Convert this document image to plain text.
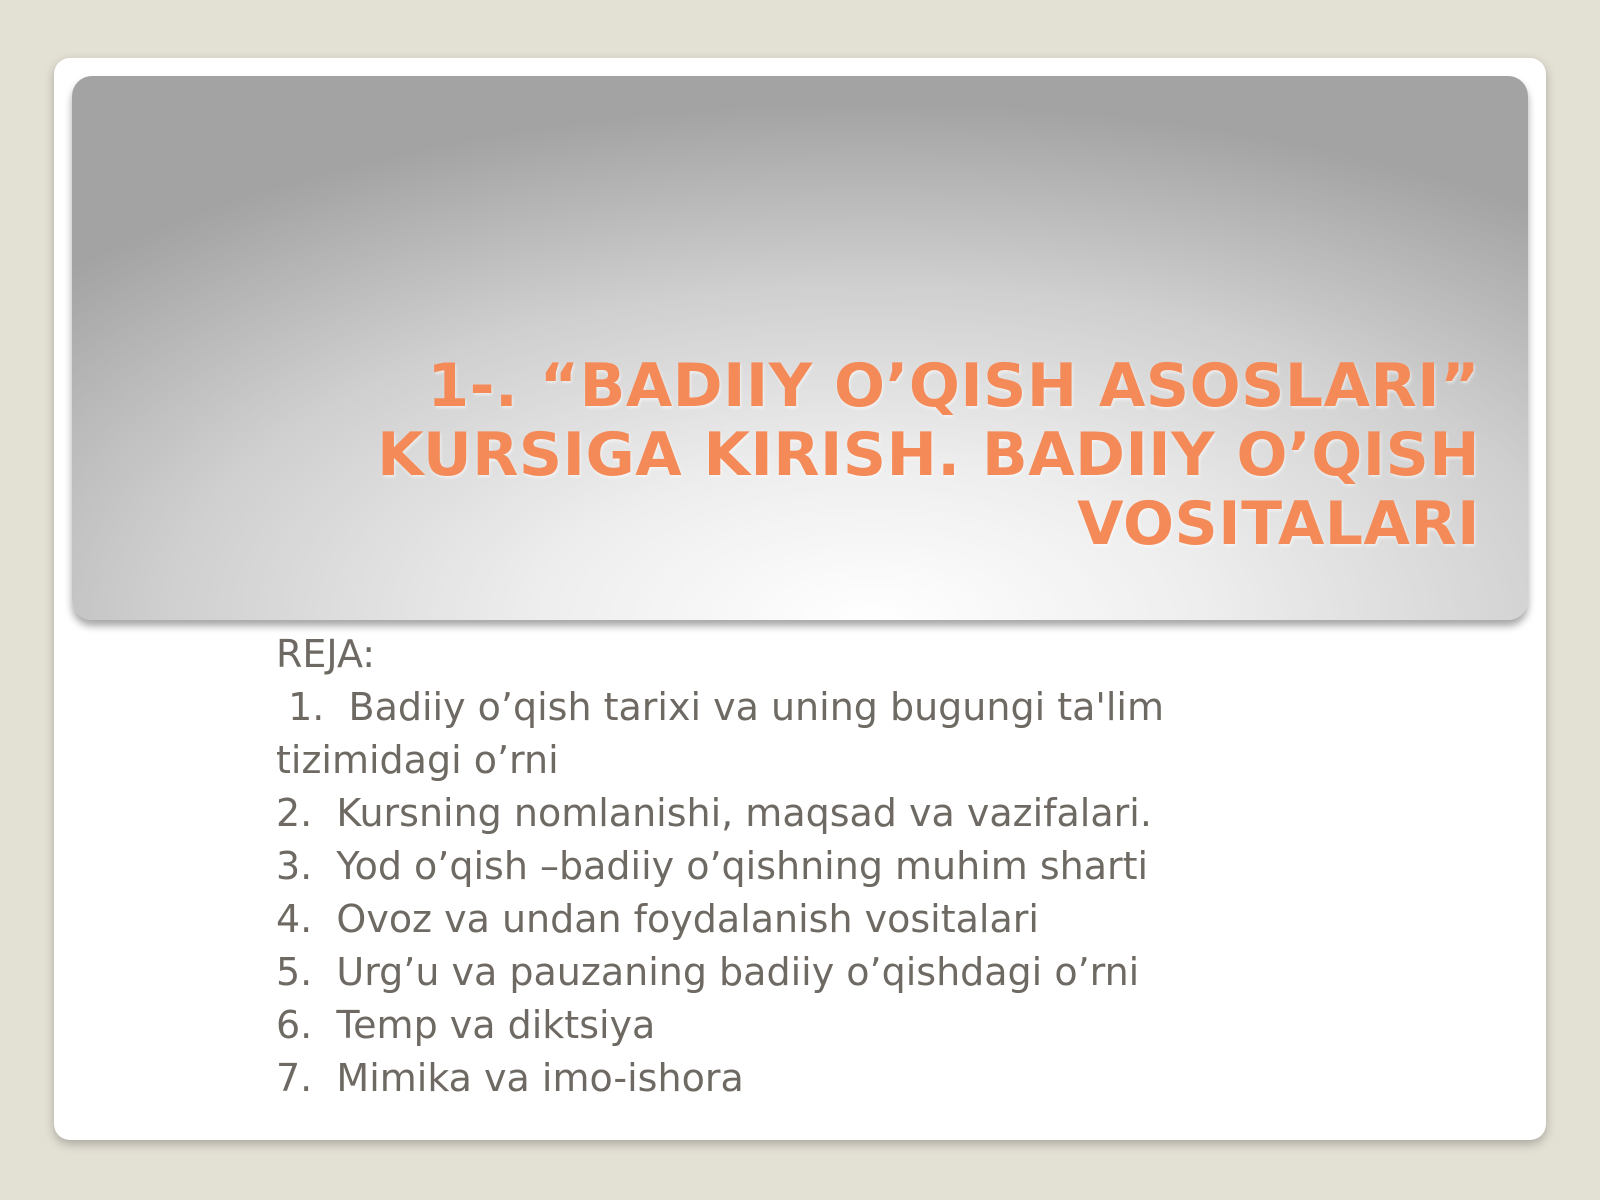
1-. “BADIIY O’QISH ASOSLARI”
KURSIGA KIRISH. BADIIY O’QISH
VOSITALARI
REJA:
1.  Badiiy o’qish tarixi va uning bugungi ta'lim
tizimidagi o’rni
2.  Kursning nomlanishi, maqsad va vazifalari.
3.  Yod o’qish –badiiy o’qishning muhim sharti
4.  Ovoz va undan foydalanish vositalari
5.  Urg’u va pauzaning badiiy o’qishdagi o’rni
6.  Temp va diktsiya
7.  Mimika va imo-ishora
